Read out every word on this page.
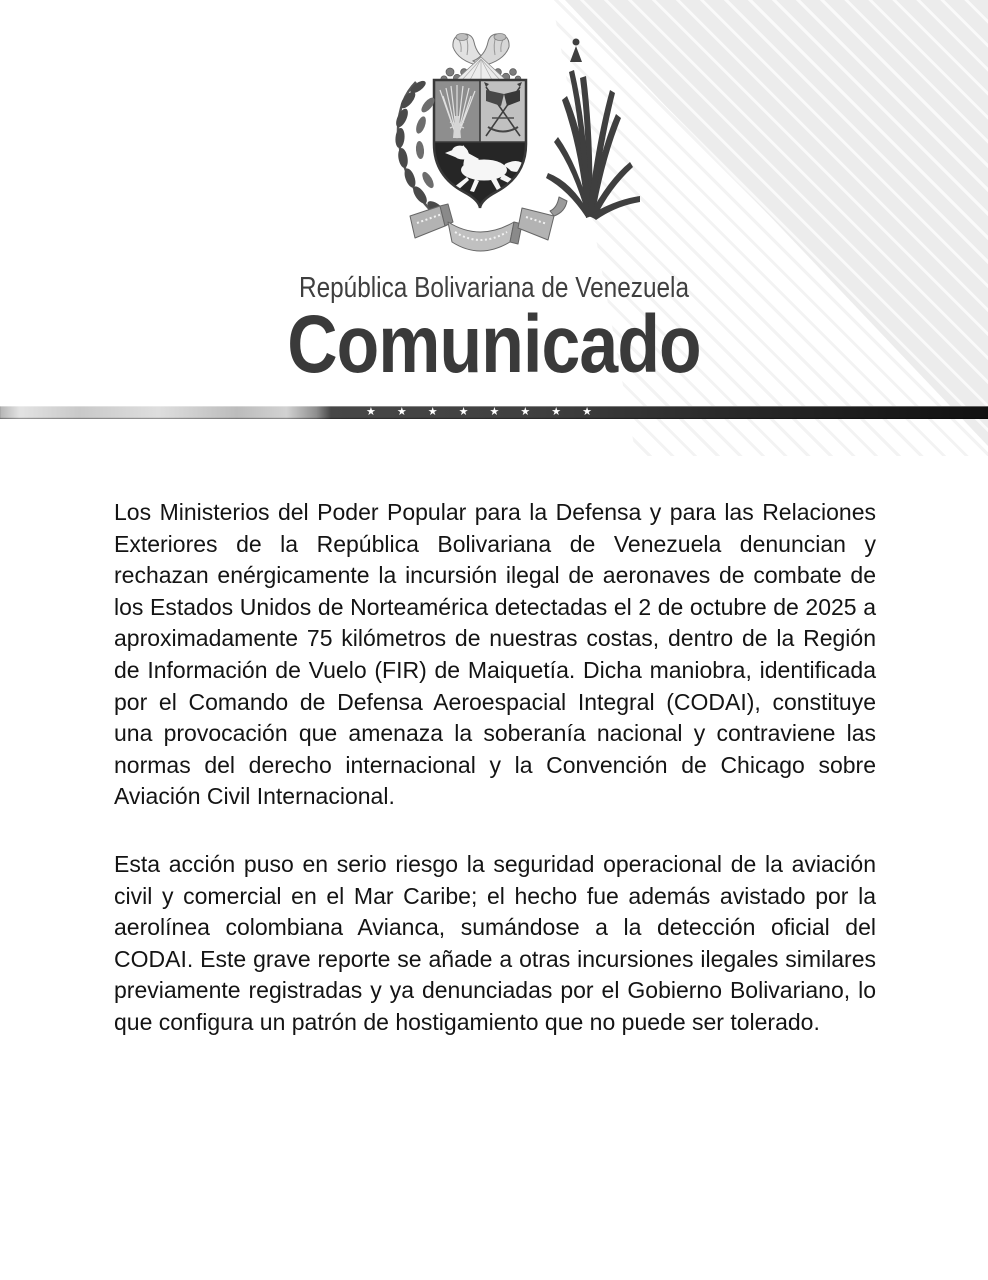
República Bolivariana de Venezuela
Comunicado
★ ★ ★ ★ ★ ★ ★ ★

Los Ministerios del Poder Popular para la Defensa y para las Relaciones Exteriores de la República Bolivariana de Venezuela denuncian y rechazan enérgicamente la incursión ilegal de aeronaves de combate de los Estados Unidos de Norteamérica detectadas el 2 de octubre de 2025 a aproximadamente 75 kilómetros de nuestras costas, dentro de la Región de Información de Vuelo (FIR) de Maiquetía. Dicha maniobra, identificada por el Comando de Defensa Aeroespacial Integral (CODAI), constituye una provocación que amenaza la soberanía nacional y contraviene las normas del derecho internacional y la Convención de Chicago sobre Aviación Civil Internacional.

Esta acción puso en serio riesgo la seguridad operacional de la aviación civil y comercial en el Mar Caribe; el hecho fue además avistado por la aerolínea colombiana Avianca, sumándose a la detección oficial del CODAI. Este grave reporte se añade a otras incursiones ilegales similares previamente registradas y ya denunciadas por el Gobierno Bolivariano, lo que configura un patrón de hostigamiento que no puede ser tolerado.
